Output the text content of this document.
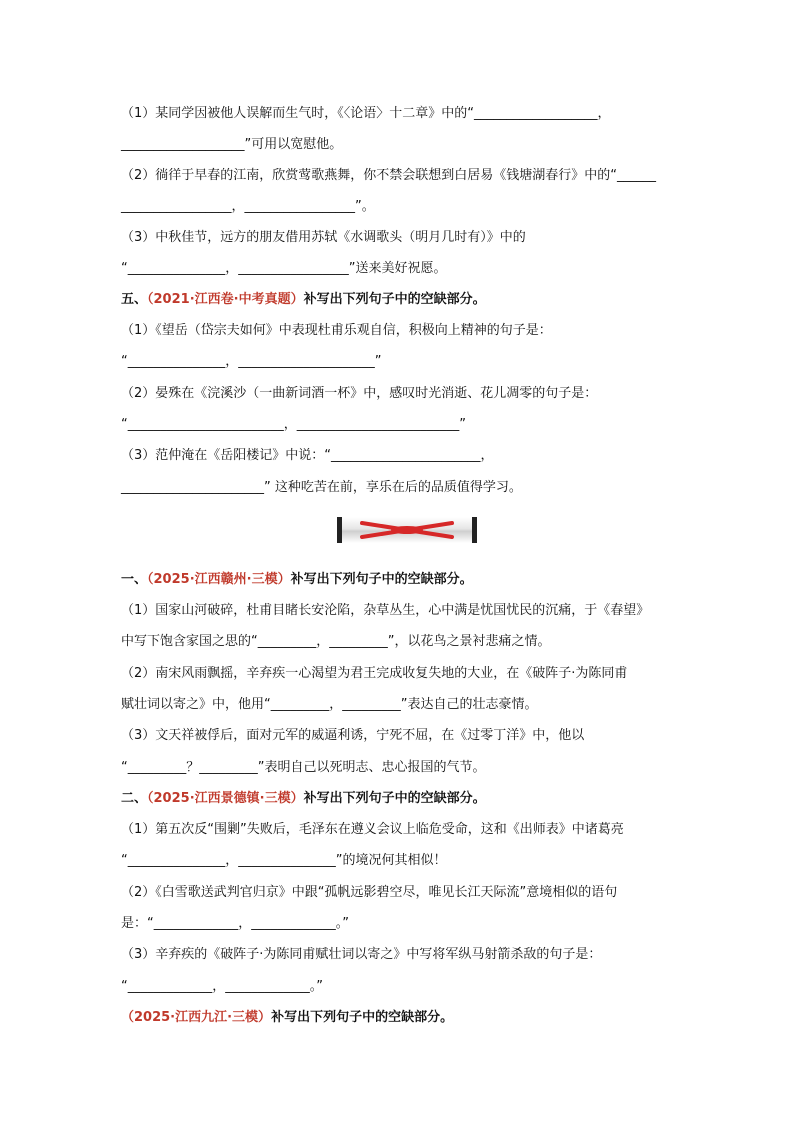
（1）某同学因被他人误解而生气时，《〈论语〉十二章》中的“___________________，

___________________”可用以宽慰他。

（2）徜徉于早春的江南，欣赏莺歌燕舞，你不禁会联想到白居易《钱塘湖春行》中的“______

_________________，_________________”。

（3）中秋佳节，远方的朋友借用苏轼《水调歌头（明月几时有）》中的

“_______________，_________________”送来美好祝愿。

五、（2021·江西卷·中考真题）补写出下列句子中的空缺部分。

（1）《望岳（岱宗夫如何》中表现杜甫乐观自信，积极向上精神的句子是：

“_______________，_____________________”

（2）晏殊在《浣溪沙（一曲新词酒一杯》中，感叹时光消逝、花儿凋零的句子是：

“________________________，_________________________”

（3）范仲淹在《岳阳楼记》中说：“_______________________，

______________________” 这种吃苦在前，享乐在后的品质值得学习。

一、（2025·江西赣州·三模）补写出下列句子中的空缺部分。

（1）国家山河破碎，杜甫目睹长安沦陷，杂草丛生，心中满是忧国忧民的沉痛，于《春望》

中写下饱含家国之思的“_________，_________”，以花鸟之景衬悲痛之情。

（2）南宋风雨飘摇，辛弃疾一心渴望为君王完成收复失地的大业，在《破阵子·为陈同甫

赋壮词以寄之》中，他用“_________，_________”表达自己的壮志豪情。

（3）文天祥被俘后，面对元军的威逼利诱，宁死不屈，在《过零丁洋》中，他以

“_________？_________”表明自己以死明志、忠心报国的气节。

二、（2025·江西景德镇·三模）补写出下列句子中的空缺部分。

（1）第五次反“围剿”失败后，毛泽东在遵义会议上临危受命，这和《出师表》中诸葛亮

“_______________，_______________”的境况何其相似！

（2）《白雪歌送武判官归京》中跟“孤帆远影碧空尽，唯见长江天际流”意境相似的语句

是：“_____________，_____________。”

（3）辛弃疾的《破阵子·为陈同甫赋壮词以寄之》中写将军纵马射箭杀敌的句子是：

“_____________，_____________。”

（2025·江西九江·三模）补写出下列句子中的空缺部分。
